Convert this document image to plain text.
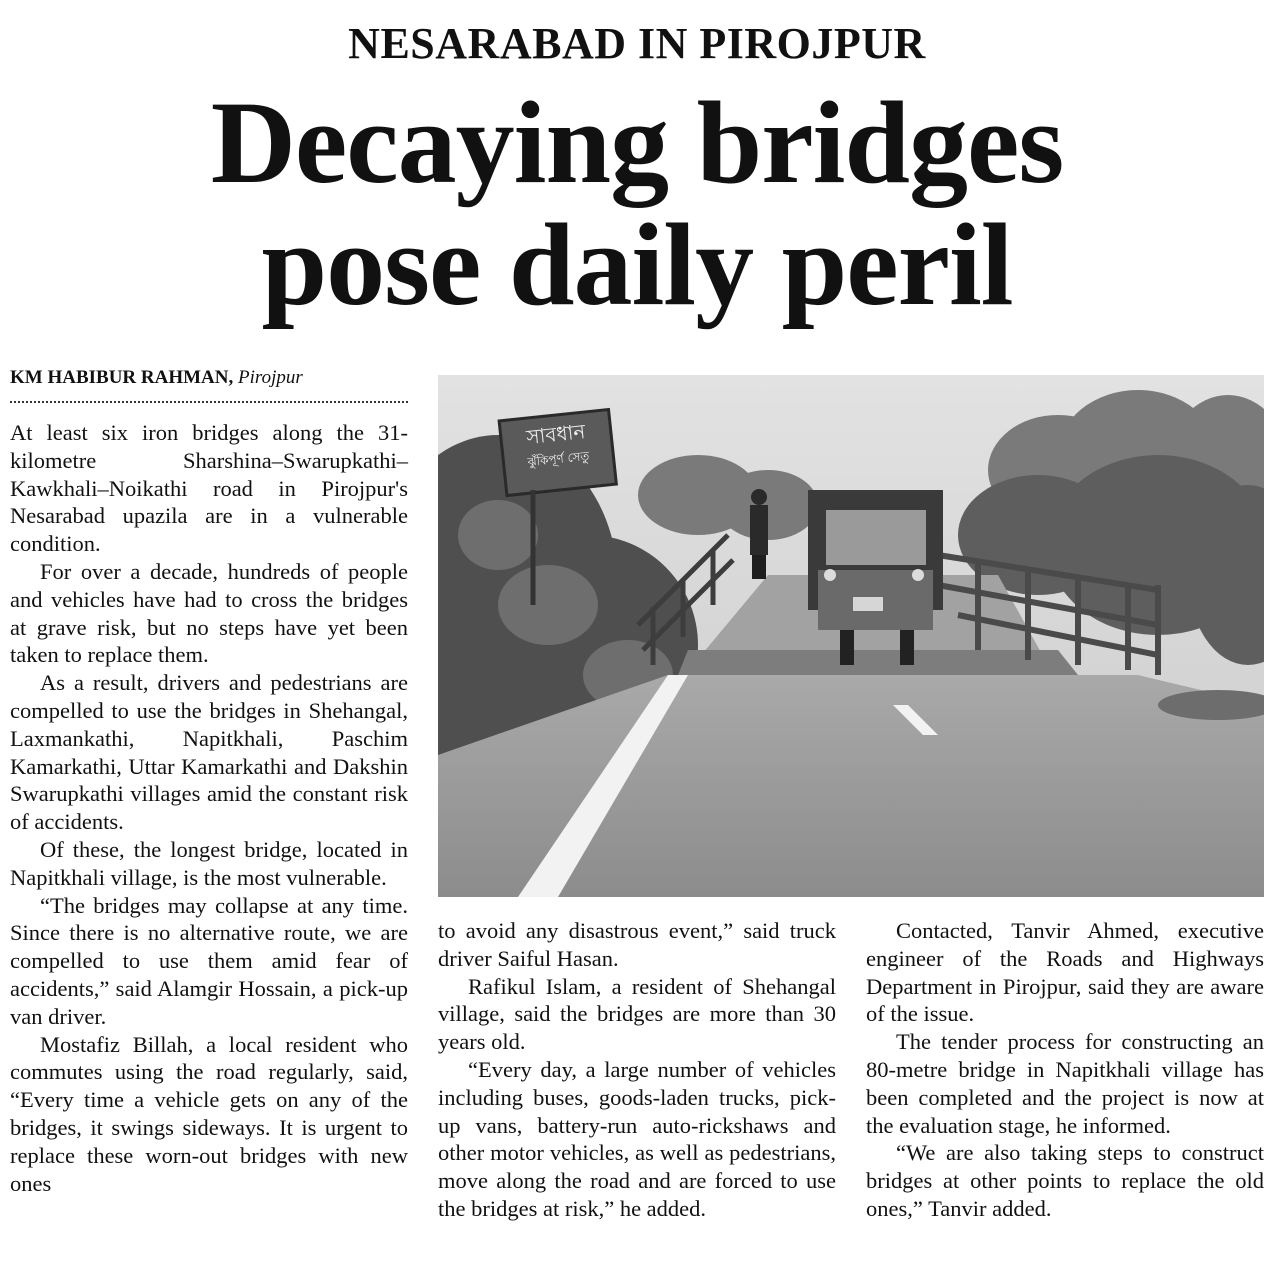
NESARABAD IN PIROJPUR
Decaying bridges
pose daily peril
KM HABIBUR RAHMAN, Pirojpur

At least six iron bridges along the 31-kilometre Sharshina–Swarupkathi–Kawkhali–Noikathi road in Pirojpur's Nesarabad upazila are in a vulnerable condition.

For over a decade, hundreds of people and vehicles have had to cross the bridges at grave risk, but no steps have yet been taken to replace them.

As a result, drivers and pedestrians are compelled to use the bridges in Shehangal, Laxmankathi, Napitkhali, Paschim Kamarkathi, Uttar Kamarkathi and Dakshin Swarupkathi villages amid the constant risk of accidents.

Of these, the longest bridge, located in Napitkhali village, is the most vulnerable.

“The bridges may collapse at any time. Since there is no alternative route, we are compelled to use them amid fear of accidents,” said Alamgir Hossain, a pick-up van driver.

Mostafiz Billah, a local resident who commutes using the road regularly, said, “Every time a vehicle gets on any of the bridges, it swings sideways. It is urgent to replace these worn-out bridges with new ones

সাবধান
ঝুঁকিপূর্ণ সেতু

to avoid any disastrous event,” said truck driver Saiful Hasan.

Rafikul Islam, a resident of Shehangal village, said the bridges are more than 30 years old.

“Every day, a large number of vehicles including buses, goods-laden trucks, pick-up vans, battery-run auto-rickshaws and other motor vehicles, as well as pedestrians, move along the road and are forced to use the bridges at risk,” he added.

Contacted, Tanvir Ahmed, executive engineer of the Roads and Highways Department in Pirojpur, said they are aware of the issue.

The tender process for constructing an 80-metre bridge in Napitkhali village has been completed and the project is now at the evaluation stage, he informed.

“We are also taking steps to construct bridges at other points to replace the old ones,” Tanvir added.
